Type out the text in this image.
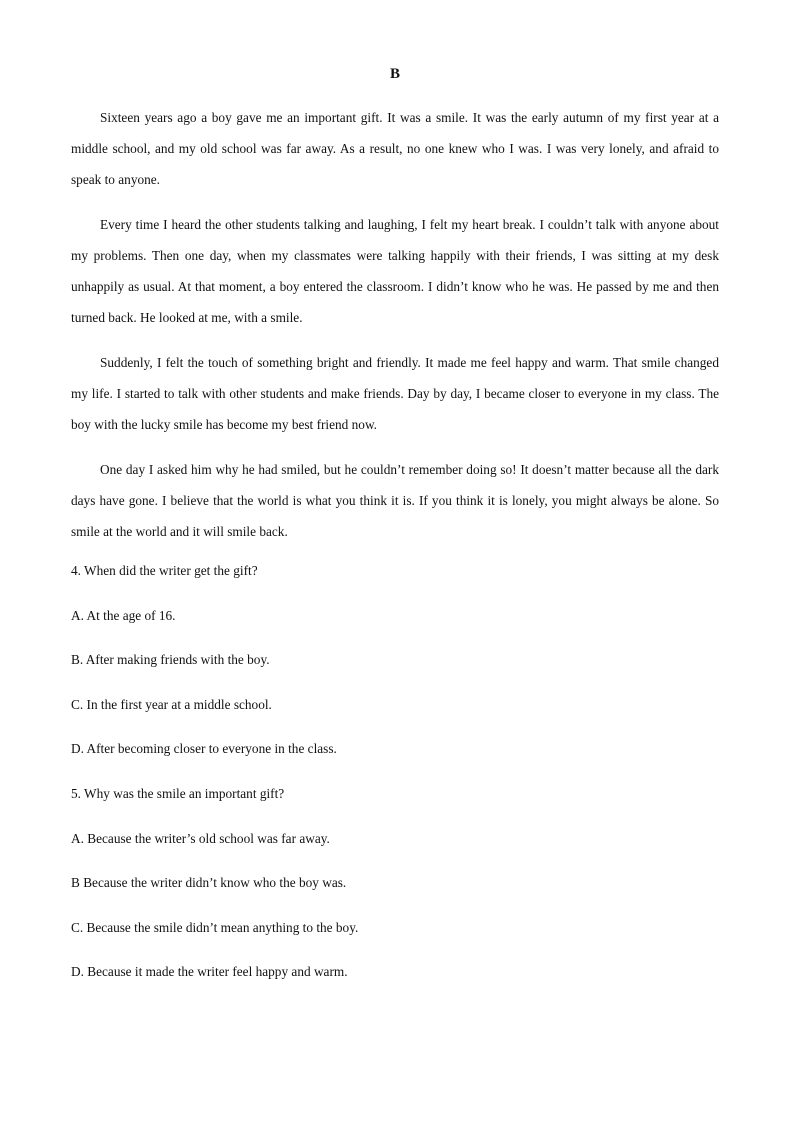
B

Sixteen years ago a boy gave me an important gift. It was a smile. It was the early autumn of my first year at a middle school, and my old school was far away. As a result, no one knew who I was. I was very lonely, and afraid to speak to anyone.

Every time I heard the other students talking and laughing, I felt my heart break. I couldn’t talk with anyone about my problems. Then one day, when my classmates were talking happily with their friends, I was sitting at my desk unhappily as usual. At that moment, a boy entered the classroom. I didn’t know who he was. He passed by me and then turned back. He looked at me, with a smile.

Suddenly, I felt the touch of something bright and friendly. It made me feel happy and warm. That smile changed my life. I started to talk with other students and make friends. Day by day, I became closer to everyone in my class. The boy with the lucky smile has become my best friend now.

One day I asked him why he had smiled, but he couldn’t remember doing so! It doesn’t matter because all the dark days have gone. I believe that the world is what you think it is. If you think it is lonely, you might always be alone. So smile at the world and it will smile back.

4. When did the writer get the gift?

A. At the age of 16.

B. After making friends with the boy.

C. In the first year at a middle school.

D. After becoming closer to everyone in the class.

5. Why was the smile an important gift?

A. Because the writer’s old school was far away.

B Because the writer didn’t know who the boy was.

C. Because the smile didn’t mean anything to the boy.

D. Because it made the writer feel happy and warm.
